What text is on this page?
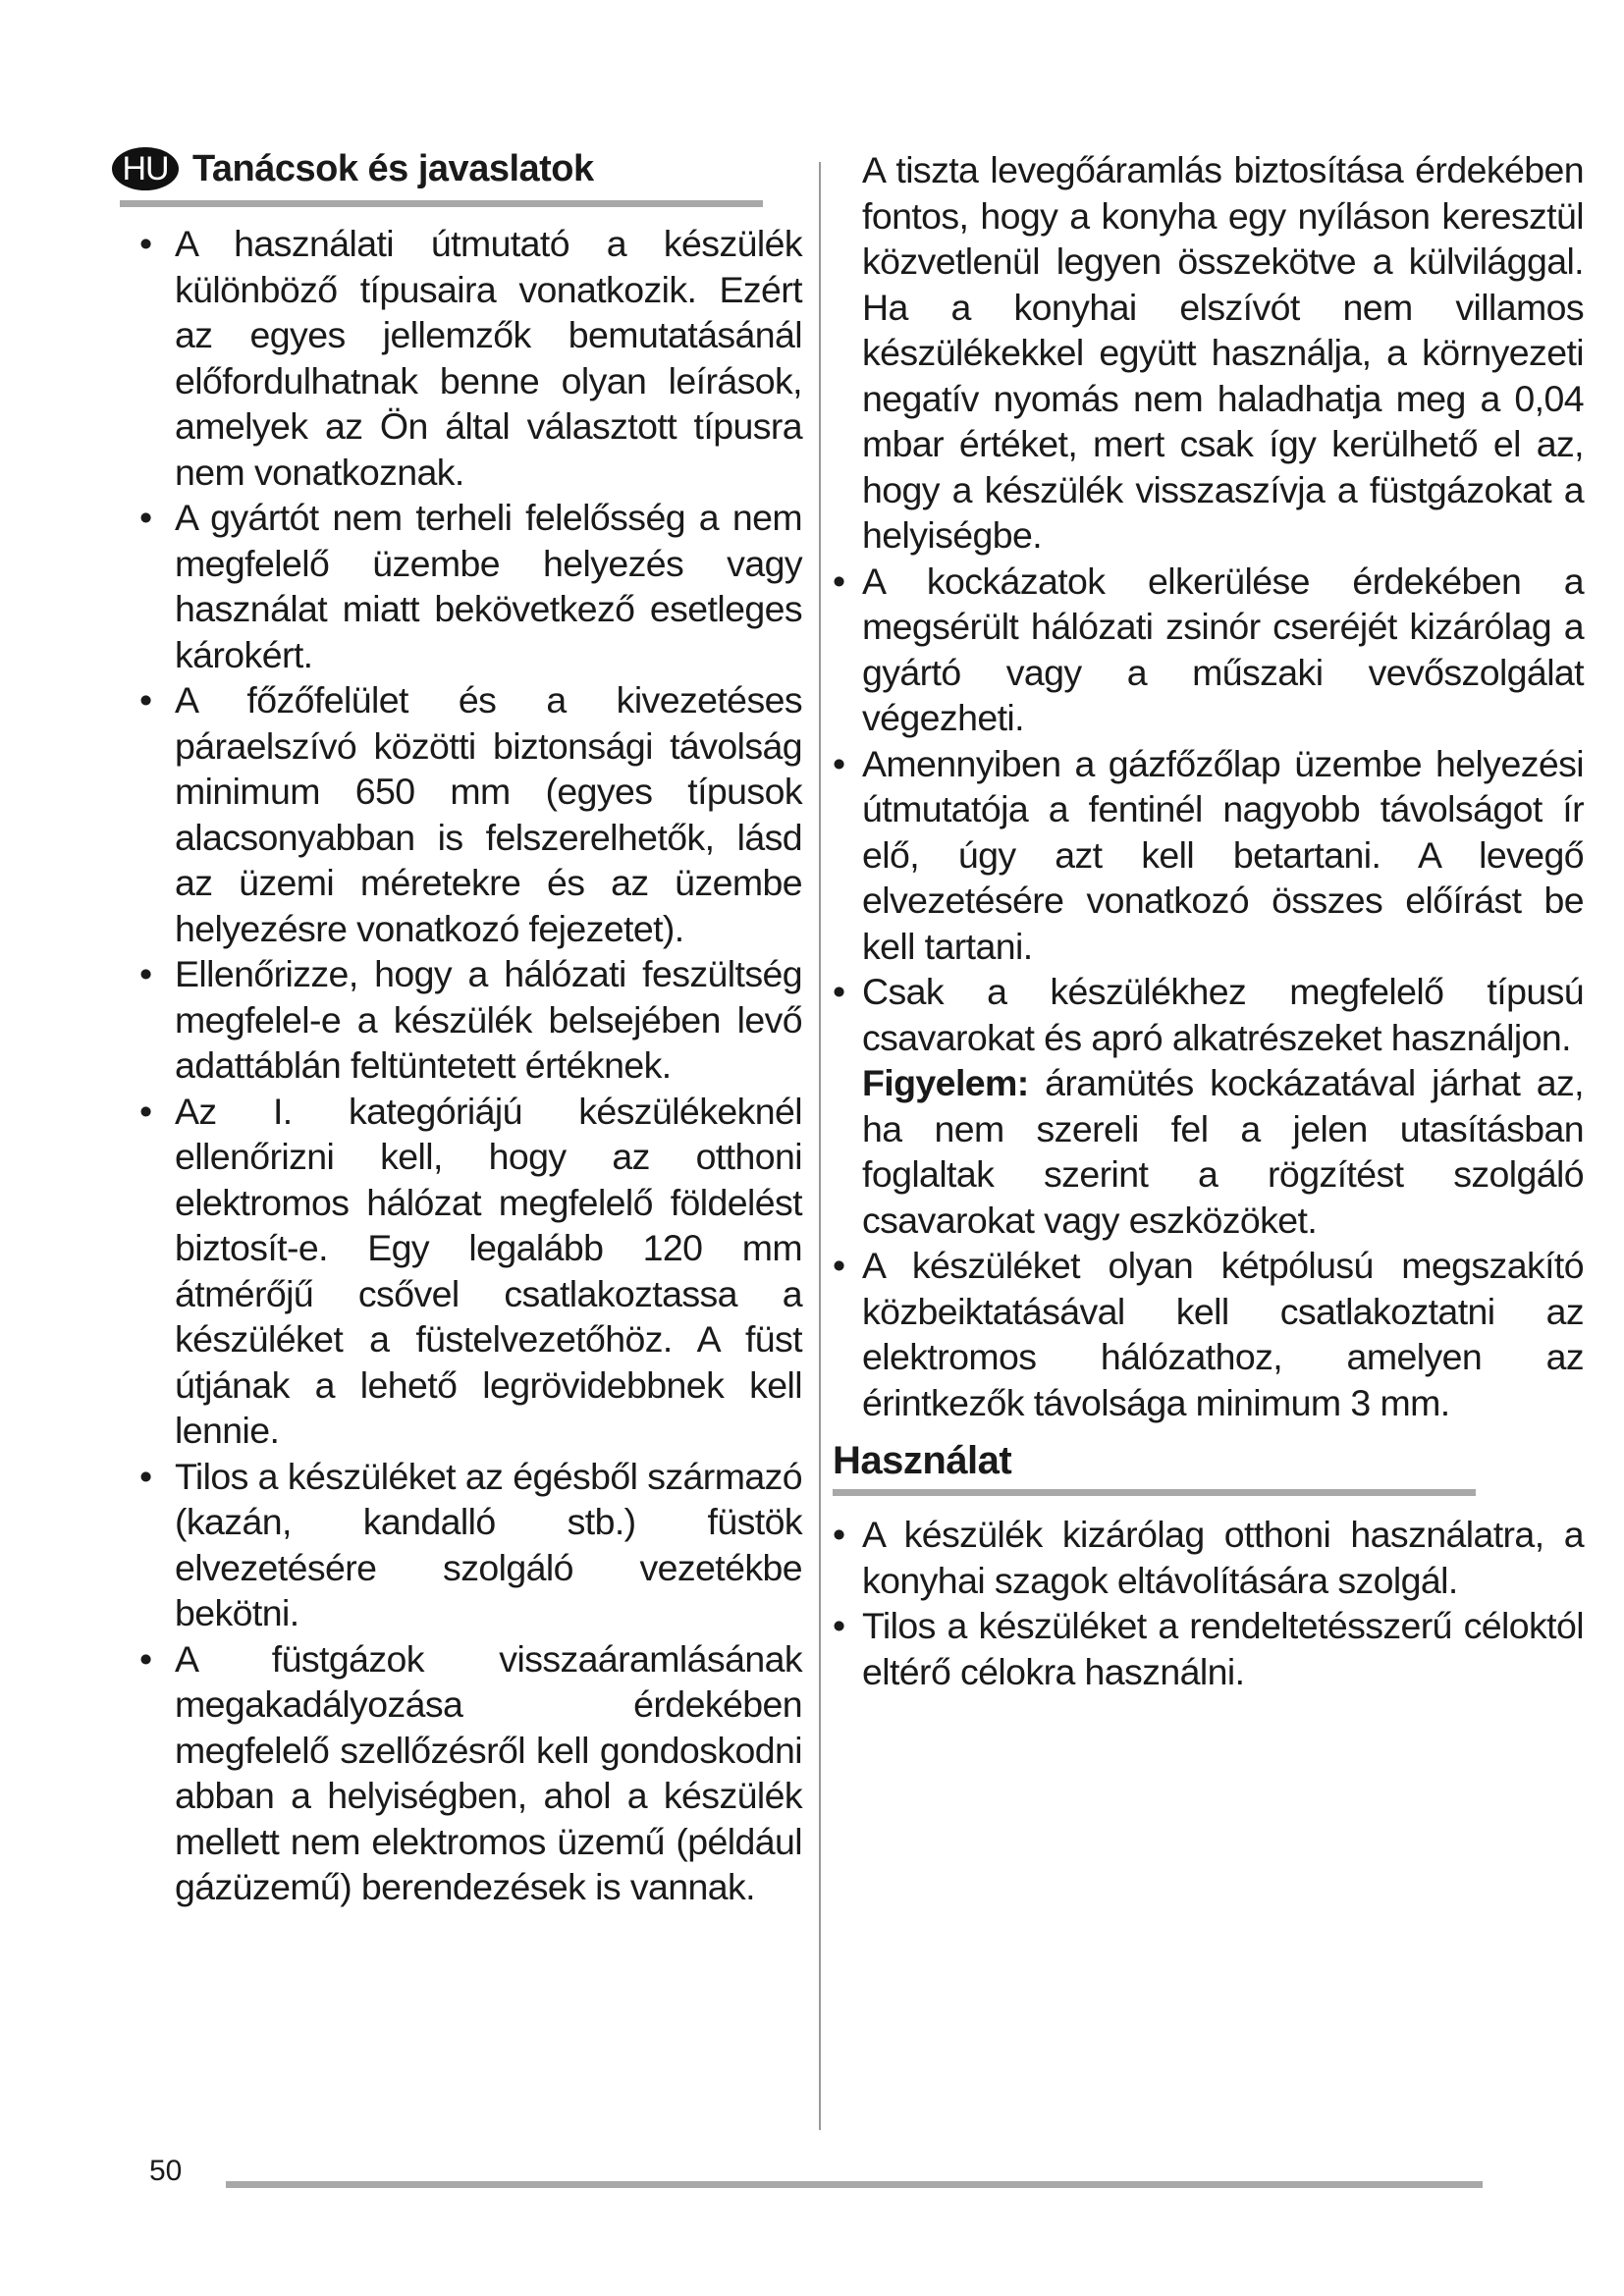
HU Tanácsok és javaslatok
• A használati útmutató a készülék különböző típusaira vonatkozik. Ezért az egyes jellemzők bemutatásánál előfordulhatnak benne olyan leírások, amelyek az Ön által választott típusra nem vonatkoznak.
• A gyártót nem terheli felelősség a nem megfelelő üzembe helyezés vagy használat miatt bekövetkező esetleges károkért.
• A főzőfelület és a kivezetéses páraelszívó közötti biztonsági távolság minimum 650 mm (egyes típusok alacsonyabban is felszerelhetők, lásd az üzemi méretekre és az üzembe helyezésre vonatkozó fejezetet).
• Ellenőrizze, hogy a hálózati feszültség megfelel-e a készülék belsejében levő adattáblán feltüntetett értéknek.
• Az I. kategóriájú készülékeknél ellenőrizni kell, hogy az otthoni elektromos hálózat megfelelő földelést biztosít-e. Egy legalább 120 mm átmérőjű csővel csatlakoztassa a készüléket a füstelvezetőhöz. A füst útjának a lehető legrövidebbnek kell lennie.
• Tilos a készüléket az égésből származó (kazán, kandalló stb.) füstök elvezetésére szolgáló vezetékbe bekötni.
• A füstgázok visszaáramlásának megakadályozása érdekében megfelelő szellőzésről kell gondoskodni abban a helyiségben, ahol a készülék mellett nem elektromos üzemű (például gázüzemű) berendezések is vannak.

A tiszta levegőáramlás biztosítása érdekében fontos, hogy a konyha egy nyíláson keresztül közvetlenül legyen összekötve a külvilággal. Ha a konyhai elszívót nem villamos készülékekkel együtt használja, a környezeti negatív nyomás nem haladhatja meg a 0,04 mbar értéket, mert csak így kerülhető el az, hogy a készülék visszaszívja a füstgázokat a helyiségbe.

• A kockázatok elkerülése érdekében a megsérült hálózati zsinór cseréjét kizárólag a gyártó vagy a műszaki vevőszolgálat végezheti.
• Amennyiben a gázfőzőlap üzembe helyezési útmutatója a fentinél nagyobb távolságot ír elő, úgy azt kell betartani. A levegő elvezetésére vonatkozó összes előírást be kell tartani.
• Csak a készülékhez megfelelő típusú csavarokat és apró alkatrészeket használjon.

Figyelem: áramütés kockázatával járhat az, ha nem szereli fel a jelen utasításban foglaltak szerint a rögzítést szolgáló csavarokat vagy eszközöket.

• A készüléket olyan kétpólusú megszakító közbeiktatásával kell csatlakoztatni az elektromos hálózathoz, amelyen az érintkezők távolsága minimum 3 mm.
Használat
• A készülék kizárólag otthoni használatra, a konyhai szagok eltávolítására szolgál.
• Tilos a készüléket a rendeltetésszerű céloktól eltérő célokra használni.
50
